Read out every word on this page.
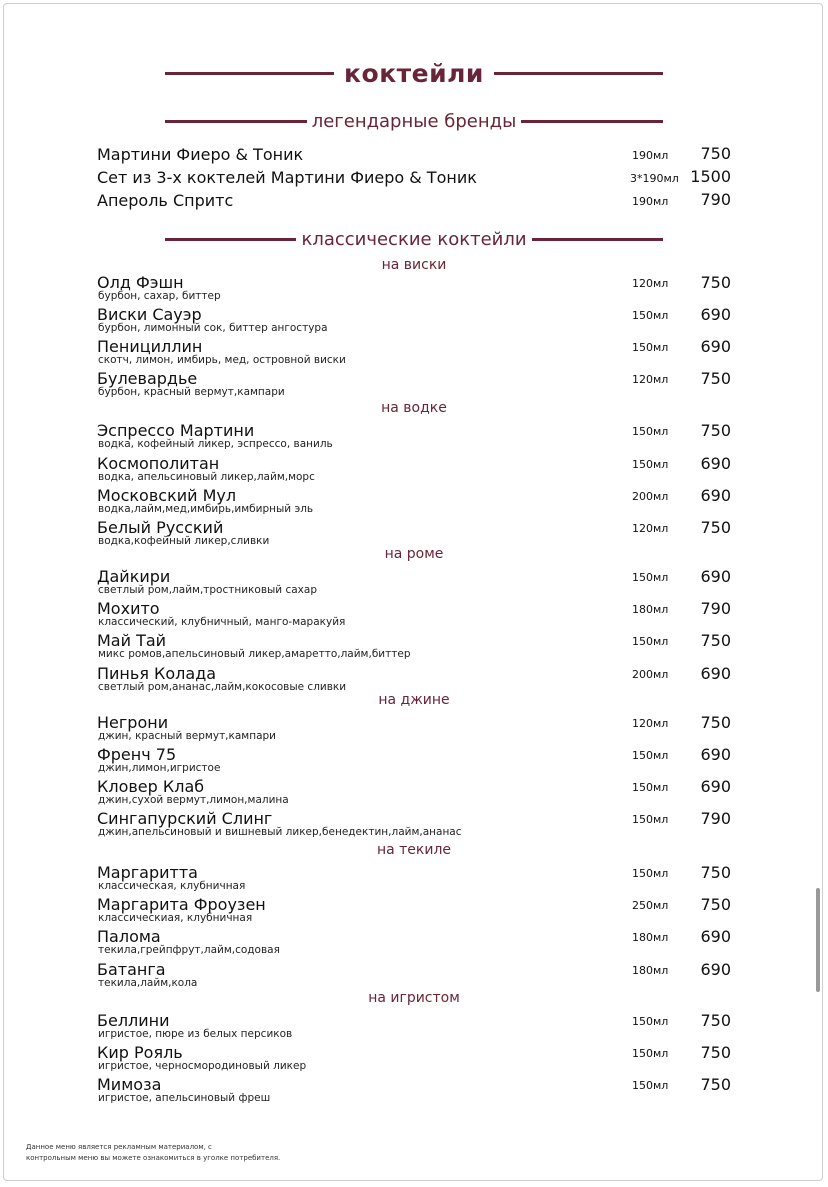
коктейли
легендарные бренды
Мартини Фиеро & Тоник	190мл 750
Сет из 3-х коктелей Мартини Фиеро & Тоник	3*190мл 1500
Апероль Спритс	190мл 790
классические коктейли
на виски
Олд Фэшн
бурбон, сахар, биттер
120мл 750
Виски Сауэр
бурбон, лимонный сок, биттер ангостура
150мл 690
Пенициллин
скотч, лимон, имбирь, мед, островной виски
150мл 690
Булевардье
бурбон, красный вермут,кампари
120мл 750
на водке
Эспрессо Мартини
водка, кофейный ликер, эспрессо, ваниль
150мл 750
Космополитан
водка, апельсиновый ликер,лайм,морс
150мл 690
Московский Мул
водка,лайм,мед,имбирь,имбирный эль
200мл 690
Белый Русский
водка,кофейный ликер,сливки
120мл 750
на роме
Дайкири
светлый ром,лайм,тростниковый сахар
150мл 690
Мохито
классический, клубничный, манго-маракуйя
180мл 790
Май Тай
микс ромов,апельсиновый ликер,амаретто,лайм,биттер
150мл 750
Пинья Колада
светлый ром,ананас,лайм,кокосовые сливки
200мл 690
на джине
Негрони
джин, красный вермут,кампари
120мл 750
Френч 75
джин,лимон,игристое
150мл 690
Кловер Клаб
джин,сухой вермут,лимон,малина
150мл 690
Сингапурский Слинг
джин,апельсиновый и вишневый ликер,бенедектин,лайм,ананас
150мл 790
на текиле
Маргаритта
классическая, клубничная
150мл 750
Маргарита Фроузен
классическиая, клубничная
250мл 750
Палома
текила,грейпфрут,лайм,содовая
180мл 690
Батанга
текила,лайм,кола
180мл 690
на игристом
Беллини
игристое, пюре из белых персиков
150мл 750
Кир Рояль
игристое, черносмородиновый ликер
150мл 750
Мимоза
игристое, апельсиновый фреш
150мл 750
Данное меню является рекламным материалом, с
контрольным меню вы можете ознакомиться в уголке потребителя.
